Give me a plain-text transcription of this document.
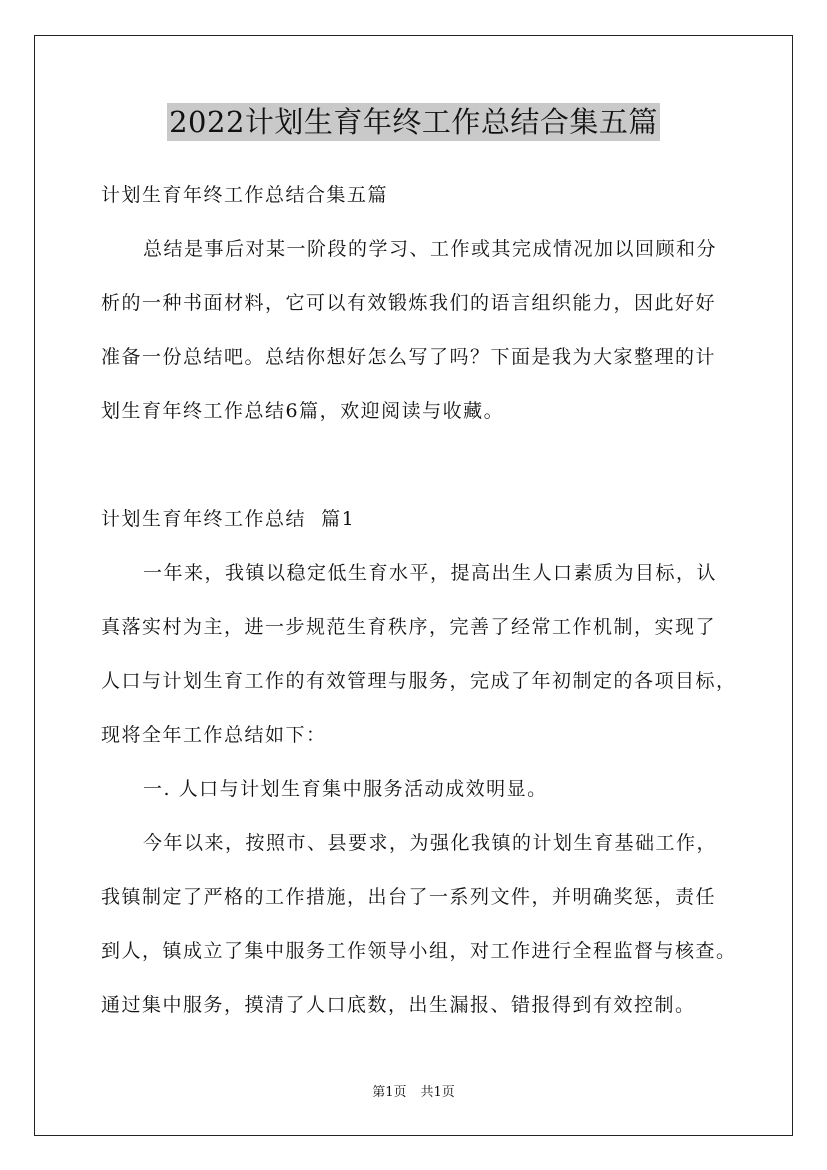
2022计划生育年终工作总结合集五篇
计划生育年终工作总结合集五篇
总结是事后对某一阶段的学习、工作或其完成情况加以回顾和分
析的一种书面材料，它可以有效锻炼我们的语言组织能力，因此好好
准备一份总结吧。总结你想好怎么写了吗？下面是我为大家整理的计
划生育年终工作总结6篇，欢迎阅读与收藏。
计划生育年终工作总结  篇1
一年来，我镇以稳定低生育水平，提高出生人口素质为目标，认
真落实村为主，进一步规范生育秩序，完善了经常工作机制，实现了
人口与计划生育工作的有效管理与服务，完成了年初制定的各项目标，
现将全年工作总结如下：
一. 人口与计划生育集中服务活动成效明显。
今年以来，按照市、县要求，为强化我镇的计划生育基础工作，
我镇制定了严格的工作措施，出台了一系列文件，并明确奖惩，责任
到人，镇成立了集中服务工作领导小组，对工作进行全程监督与核查。
通过集中服务，摸清了人口底数，出生漏报、错报得到有效控制。
第1页 共1页
